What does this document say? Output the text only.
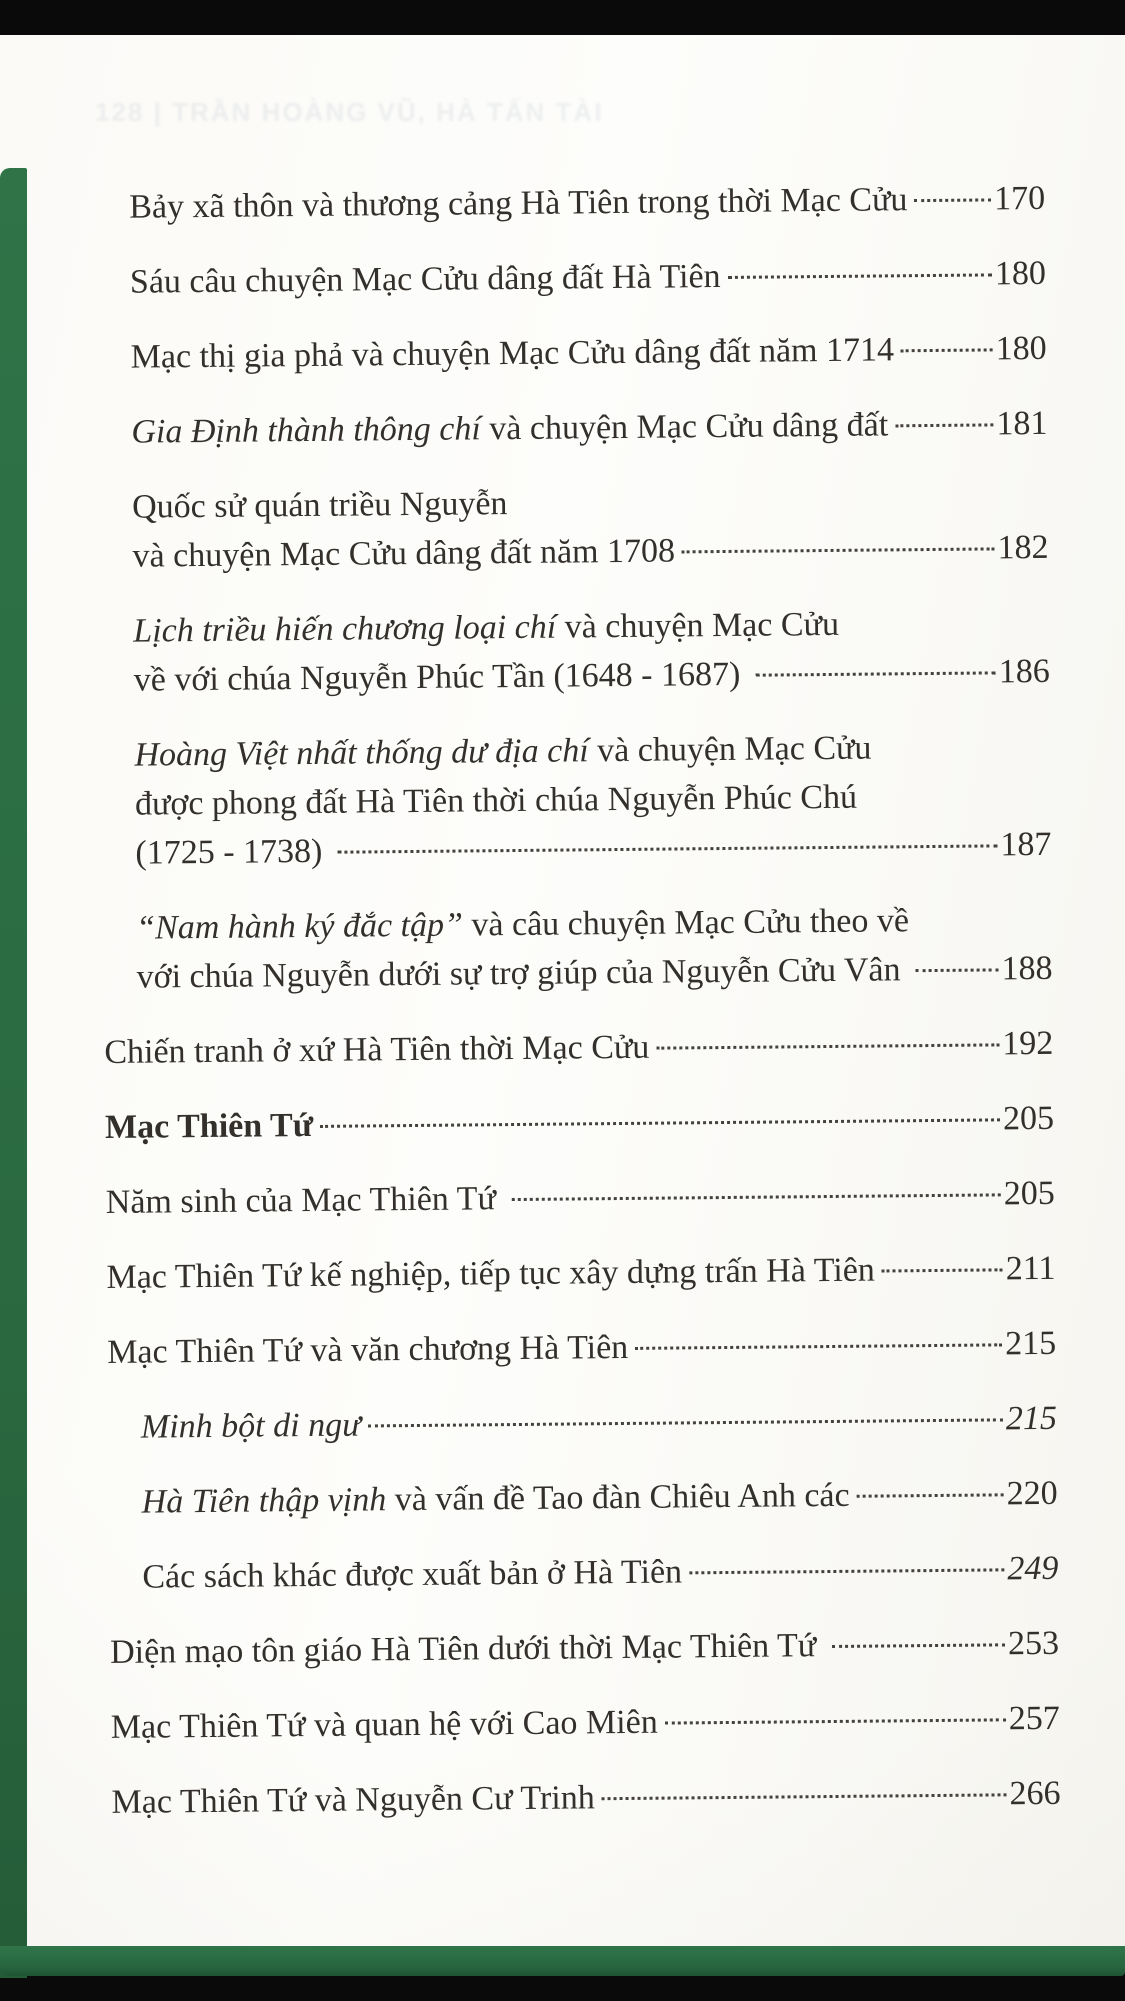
128 | TRẦN HOÀNG VŨ, HÀ TẤN TÀI
Bảy xã thôn và thương cảng Hà Tiên trong thời Mạc Cửu	170
Sáu câu chuyện Mạc Cửu dâng đất Hà Tiên	180
Mạc thị gia phả và chuyện Mạc Cửu dâng đất năm 1714	180
Gia Định thành thông chí và chuyện Mạc Cửu dâng đất	181
Quốc sử quán triều Nguyễn
và chuyện Mạc Cửu dâng đất năm 1708	182
Lịch triều hiến chương loại chí và chuyện Mạc Cửu
về với chúa Nguyễn Phúc Tần (1648 - 1687)	186
Hoàng Việt nhất thống dư địa chí và chuyện Mạc Cửu
được phong đất Hà Tiên thời chúa Nguyễn Phúc Chú
(1725 - 1738)	187
“Nam hành ký đắc tập” và câu chuyện Mạc Cửu theo về
với chúa Nguyễn dưới sự trợ giúp của Nguyễn Cửu Vân	188
Chiến tranh ở xứ Hà Tiên thời Mạc Cửu	192
Mạc Thiên Tứ	205
Năm sinh của Mạc Thiên Tứ	205
Mạc Thiên Tứ kế nghiệp, tiếp tục xây dựng trấn Hà Tiên	211
Mạc Thiên Tứ và văn chương Hà Tiên	215
Minh bột di ngư	215
Hà Tiên thập vịnh và vấn đề Tao đàn Chiêu Anh các	220
Các sách khác được xuất bản ở Hà Tiên	249
Diện mạo tôn giáo Hà Tiên dưới thời Mạc Thiên Tứ	253
Mạc Thiên Tứ và quan hệ với Cao Miên	257
Mạc Thiên Tứ và Nguyễn Cư Trinh	266
